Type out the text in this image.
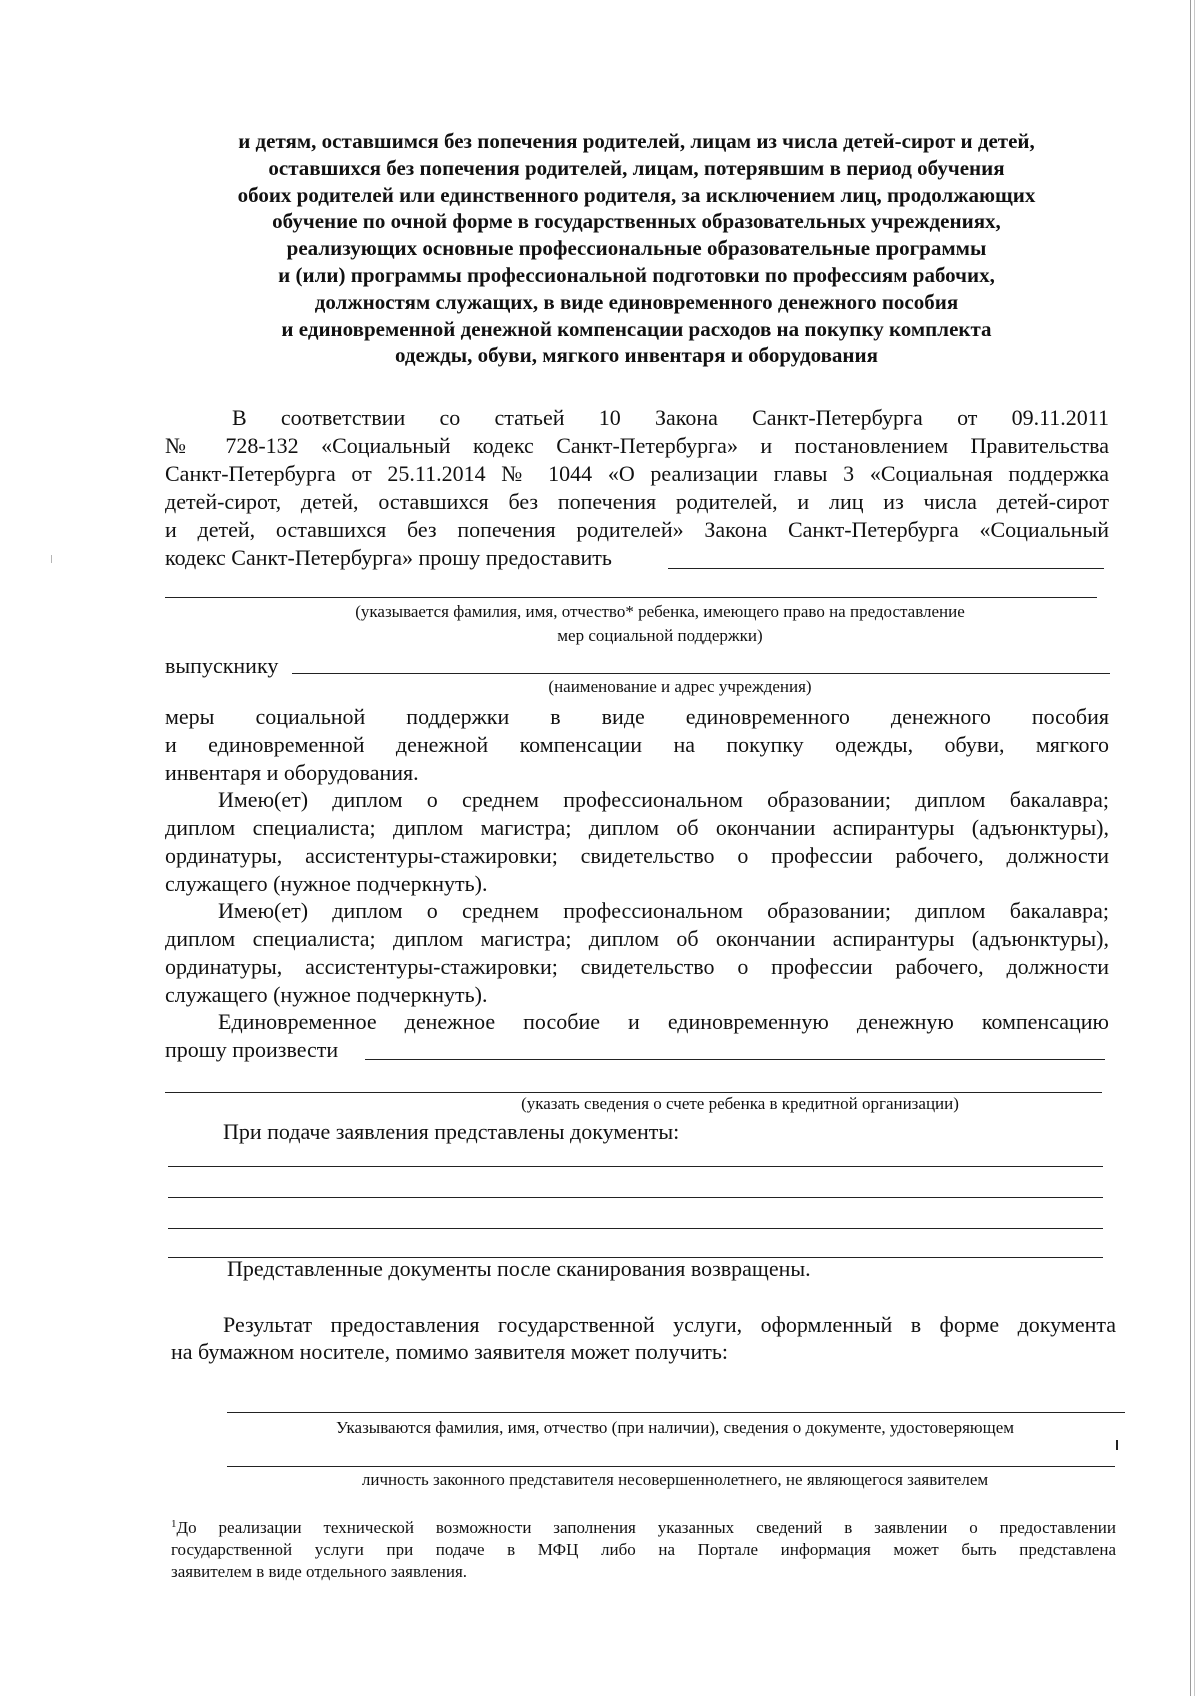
и детям, оставшимся без попечения родителей, лицам из числа детей-сирот и детей,
оставшихся без попечения родителей, лицам, потерявшим в период обучения
обоих родителей или единственного родителя, за исключением лиц, продолжающих
обучение по очной форме в государственных образовательных учреждениях,
реализующих основные профессиональные образовательные программы
и (или) программы профессиональной подготовки по профессиям рабочих,
должностям служащих, в виде единовременного денежного пособия
и единовременной денежной компенсации расходов на покупку комплекта
одежды, обуви, мягкого инвентаря и оборудования
В соответствии со статьей 10 Закона Санкт-Петербурга от 09.11.2011
№ 728-132 «Социальный кодекс Санкт-Петербурга» и постановлением Правительства
Санкт-Петербурга от 25.11.2014 № 1044 «О реализации главы 3 «Социальная поддержка
детей-сирот, детей, оставшихся без попечения родителей, и лиц из числа детей-сирот
и детей, оставшихся без попечения родителей» Закона Санкт-Петербурга «Социальный
кодекс Санкт-Петербурга» прошу предоставить
(указывается фамилия, имя, отчество* ребенка, имеющего право на предоставление
мер социальной поддержки)
выпускнику
(наименование и адрес учреждения)
меры социальной поддержки в виде единовременного денежного пособия
и единовременной денежной компенсации на покупку одежды, обуви, мягкого
инвентаря и оборудования.
Имею(ет) диплом о среднем профессиональном образовании; диплом бакалавра;
диплом специалиста; диплом магистра; диплом об окончании аспирантуры (адъюнктуры),
ординатуры, ассистентуры-стажировки; свидетельство о профессии рабочего, должности
служащего (нужное подчеркнуть).
Имею(ет) диплом о среднем профессиональном образовании; диплом бакалавра;
диплом специалиста; диплом магистра; диплом об окончании аспирантуры (адъюнктуры),
ординатуры, ассистентуры-стажировки; свидетельство о профессии рабочего, должности
служащего (нужное подчеркнуть).
Единовременное денежное пособие и единовременную денежную компенсацию
прошу произвести
(указать сведения о счете ребенка в кредитной организации)
При подаче заявления представлены документы:
Представленные документы после сканирования возвращены.
Результат предоставления государственной услуги, оформленный в форме документа
на бумажном носителе, помимо заявителя может получить:
Указываются фамилия, имя, отчество (при наличии), сведения о документе, удостоверяющем
личность законного представителя несовершеннолетнего, не являющегося заявителем
$^1$До реализации технической возможности заполнения указанных сведений в заявлении о предоставлении
государственной услуги при подаче в МФЦ либо на Портале информация может быть представлена
заявителем в виде отдельного заявления.
